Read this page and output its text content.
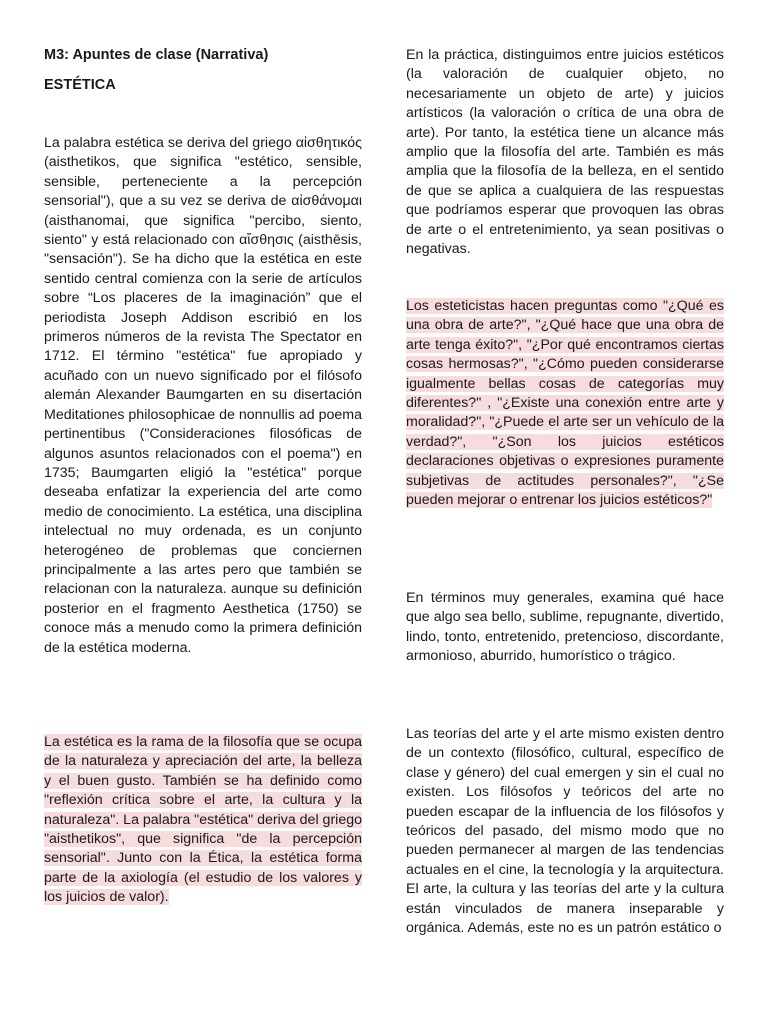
M3: Apuntes de clase (Narrativa)
ESTÉTICA

La palabra estética se deriva del griego αἰσθητικός (aisthetikos, que significa "estético, sensible, sensible, perteneciente a la percepción sensorial"), que a su vez se deriva de αἰσθάνομαι (aisthanomai, que significa "percibo, siento, siento" y está relacionado con αἴσθησις (aisthēsis, "sensación"). Se ha dicho que la estética en este sentido central comienza con la serie de artículos sobre “Los placeres de la imaginación” que el periodista Joseph Addison escribió en los primeros números de la revista The Spectator en 1712. El término "estética" fue apropiado y acuñado con un nuevo significado por el filósofo alemán Alexander Baumgarten en su disertación Meditationes philosophicae de nonnullis ad poema pertinentibus ("Consideraciones filosóficas de algunos asuntos relacionados con el poema") en 1735; Baumgarten eligió la "estética" porque deseaba enfatizar la experiencia del arte como medio de conocimiento. La estética, una disciplina intelectual no muy ordenada, es un conjunto heterogéneo de problemas que conciernen principalmente a las artes pero que también se relacionan con la naturaleza. aunque su definición posterior en el fragmento Aesthetica (1750) se conoce más a menudo como la primera definición de la estética moderna.

La estética es la rama de la filosofía que se ocupa de la naturaleza y apreciación del arte, la belleza y el buen gusto. También se ha definido como "reflexión crítica sobre el arte, la cultura y la naturaleza". La palabra "estética" deriva del griego "aisthetikos", que significa "de la percepción sensorial". Junto con la Ética, la estética forma parte de la axiología (el estudio de los valores y los juicios de valor).

En la práctica, distinguimos entre juicios estéticos (la valoración de cualquier objeto, no necesariamente un objeto de arte) y juicios artísticos (la valoración o crítica de una obra de arte). Por tanto, la estética tiene un alcance más amplio que la filosofía del arte. También es más amplia que la filosofía de la belleza, en el sentido de que se aplica a cualquiera de las respuestas que podríamos esperar que provoquen las obras de arte o el entretenimiento, ya sean positivas o negativas.

Los esteticistas hacen preguntas como "¿Qué es una obra de arte?", "¿Qué hace que una obra de arte tenga éxito?", "¿Por qué encontramos ciertas cosas hermosas?", "¿Cómo pueden considerarse igualmente bellas cosas de categorías muy diferentes?" , "¿Existe una conexión entre arte y moralidad?", "¿Puede el arte ser un vehículo de la verdad?", "¿Son los juicios estéticos declaraciones objetivas o expresiones puramente subjetivas de actitudes personales?", "¿Se pueden mejorar o entrenar los juicios estéticos?"

En términos muy generales, examina qué hace que algo sea bello, sublime, repugnante, divertido, lindo, tonto, entretenido, pretencioso, discordante, armonioso, aburrido, humorístico o trágico.

Las teorías del arte y el arte mismo existen dentro de un contexto (filosófico, cultural, específico de clase y género) del cual emergen y sin el cual no existen. Los filósofos y teóricos del arte no pueden escapar de la influencia de los filósofos y teóricos del pasado, del mismo modo que no pueden permanecer al margen de las tendencias actuales en el cine, la tecnología y la arquitectura. El arte, la cultura y las teorías del arte y la cultura están vinculados de manera inseparable y orgánica. Además, este no es un patrón estático o
